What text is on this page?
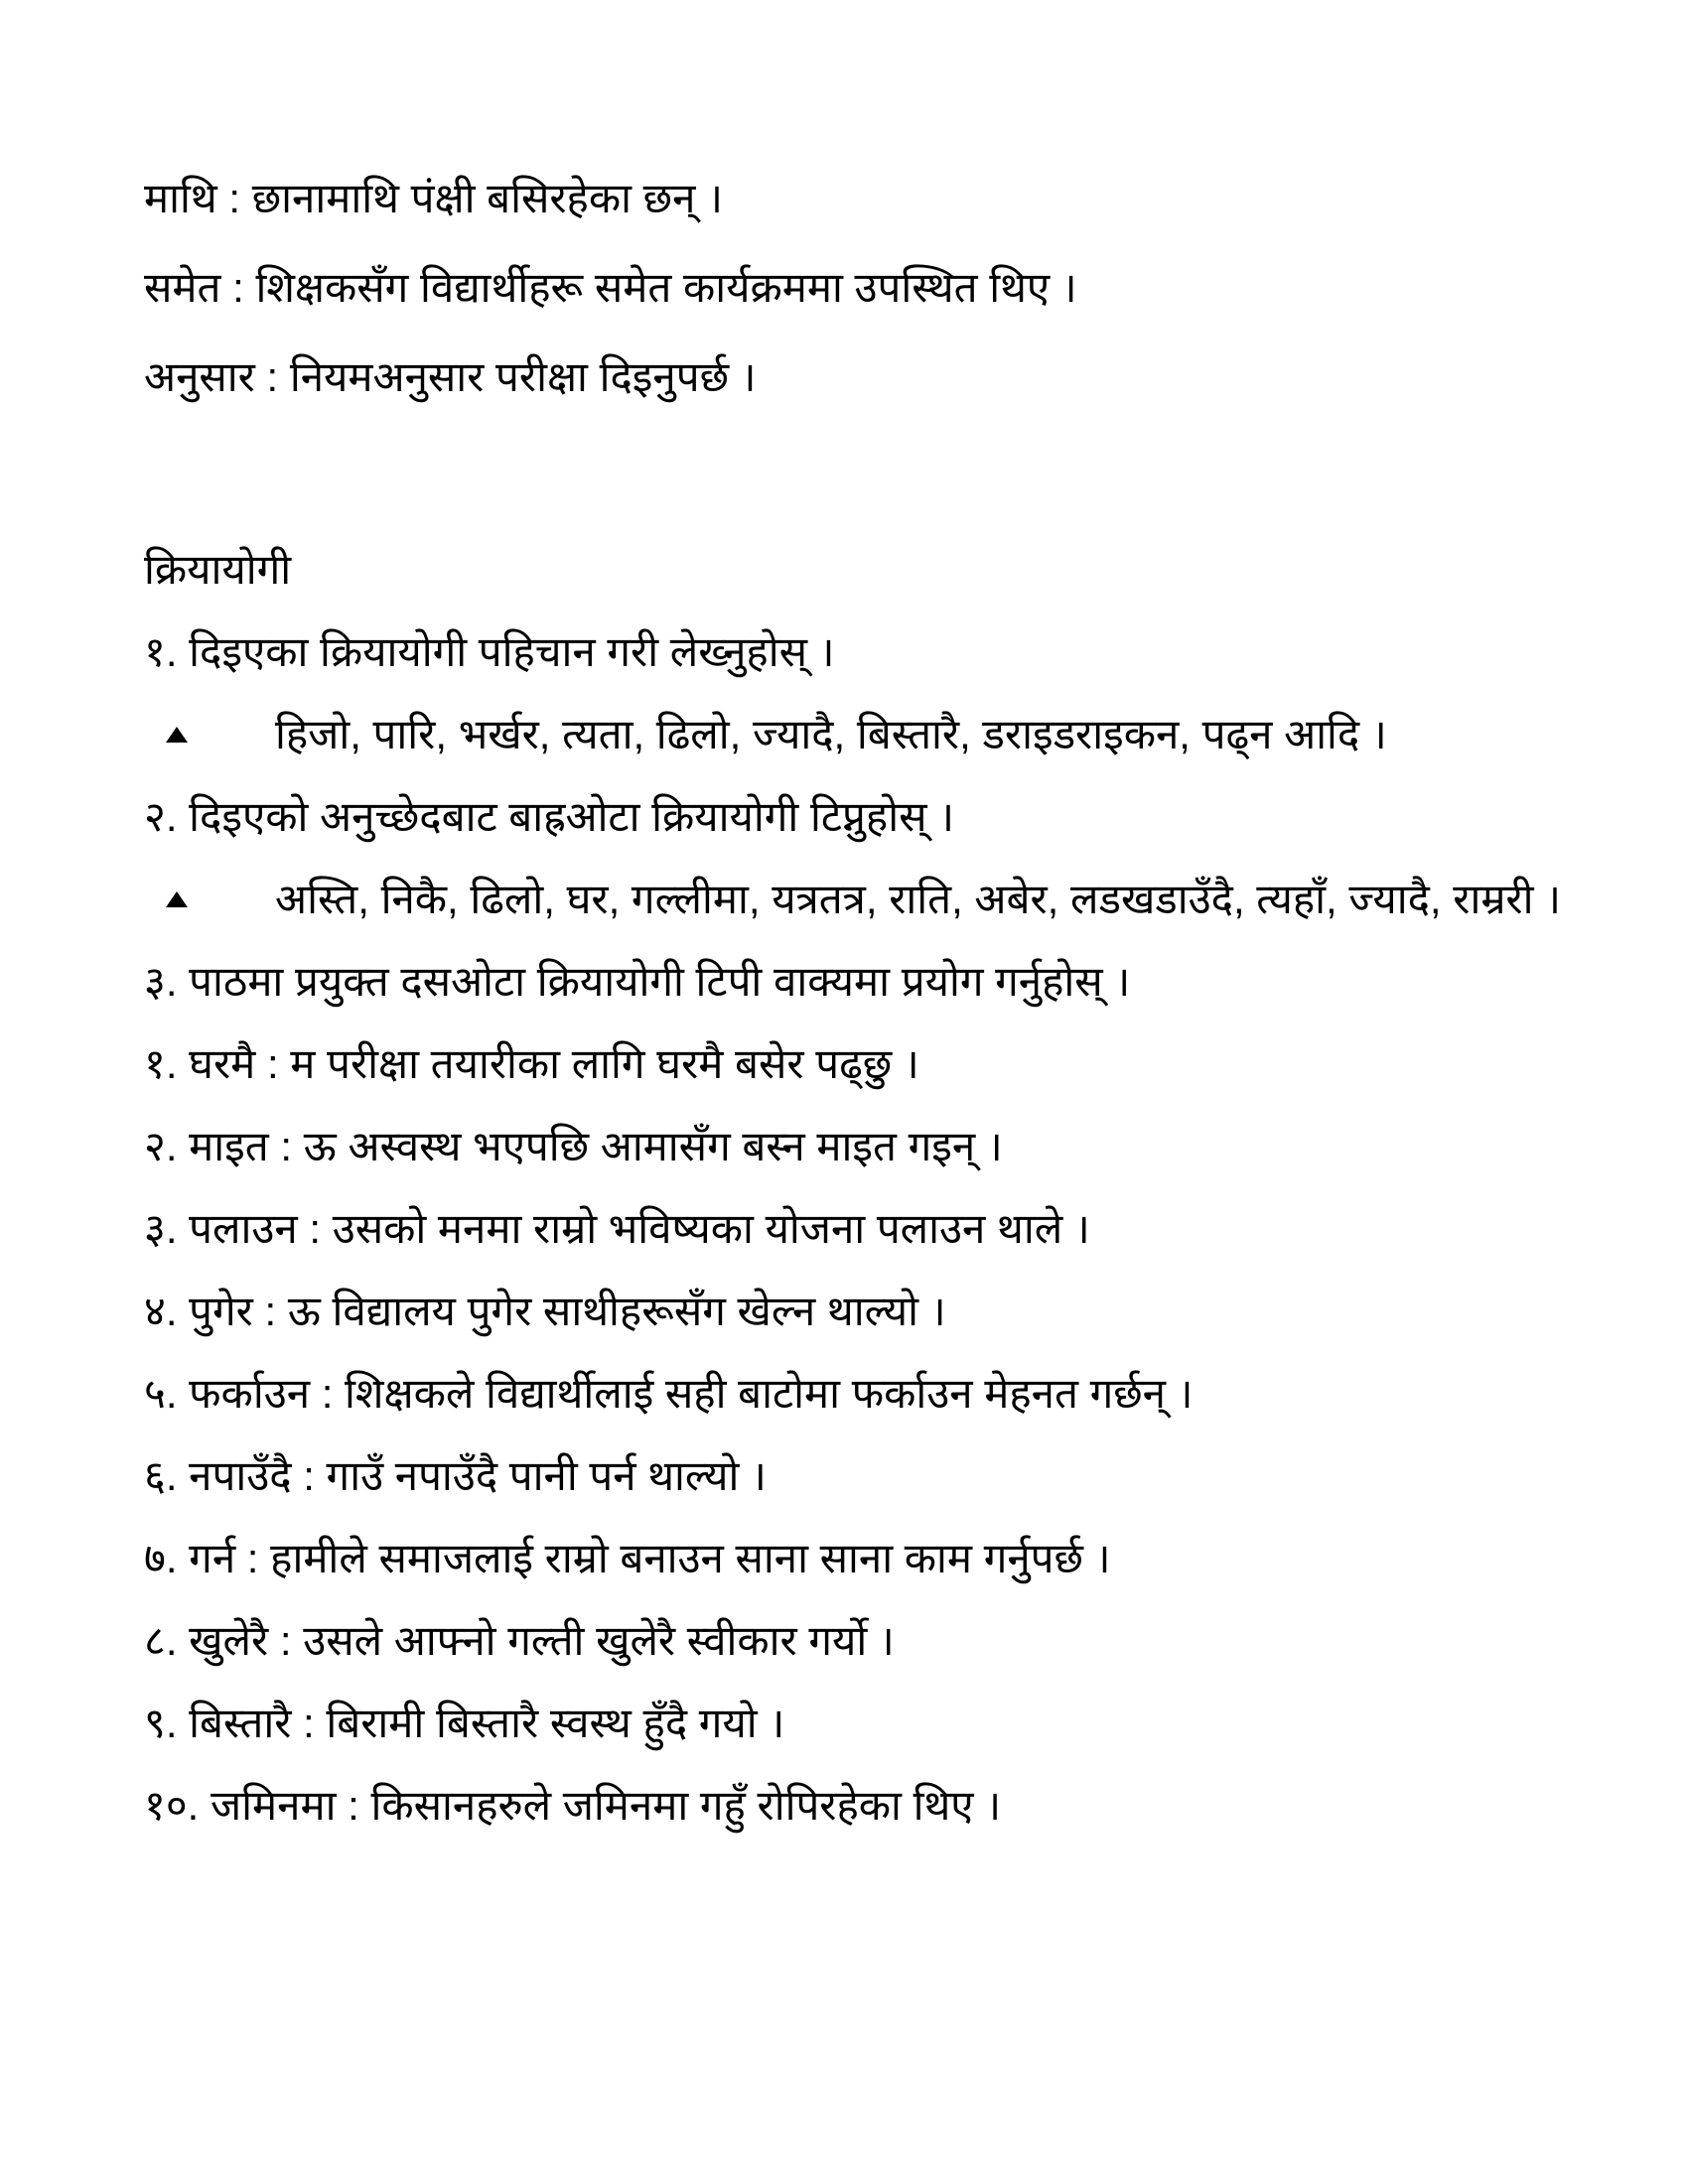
माथि : छानामाथि पंक्षी बसिरहेका छन् ।

समेत : शिक्षकसँग विद्यार्थीहरू समेत कार्यक्रममा उपस्थित थिए ।

अनुसार : नियमअनुसार परीक्षा दिइनुपर्छ ।

क्रियायोगी

१. दिइएका क्रियायोगी पहिचान गरी लेख्नुहोस् ।

हिजो, पारि, भर्खर, त्यता, ढिलो, ज्यादै, बिस्तारै, डराइडराइकन, पढ्न आदि ।

२. दिइएको अनुच्छेदबाट बाह्रओटा क्रियायोगी टिप्नुहोस् ।

अस्ति, निकै, ढिलो, घर, गल्लीमा, यत्रतत्र, राति, अबेर, लडखडाउँदै, त्यहाँ, ज्यादै, राम्ररी ।

३. पाठमा प्रयुक्त दसओटा क्रियायोगी टिपी वाक्यमा प्रयोग गर्नुहोस् ।

१. घरमै : म परीक्षा तयारीका लागि घरमै बसेर पढ्छु ।

२. माइत : ऊ अस्वस्थ भएपछि आमासँग बस्न माइत गइन् ।

३. पलाउन : उसको मनमा राम्रो भविष्यका योजना पलाउन थाले ।

४. पुगेर : ऊ विद्यालय पुगेर साथीहरूसँग खेल्न थाल्यो ।

५. फर्काउन : शिक्षकले विद्यार्थीलाई सही बाटोमा फर्काउन मेहनत गर्छन् ।

६. नपाउँदै : गाउँ नपाउँदै पानी पर्न थाल्यो ।

७. गर्न : हामीले समाजलाई राम्रो बनाउन साना साना काम गर्नुपर्छ ।

८. खुलेरै : उसले आफ्नो गल्ती खुलेरै स्वीकार गर्यो ।

९. बिस्तारै : बिरामी बिस्तारै स्वस्थ हुँदै गयो ।

१०. जमिनमा : किसानहरुले जमिनमा गहुँ रोपिरहेका थिए ।
